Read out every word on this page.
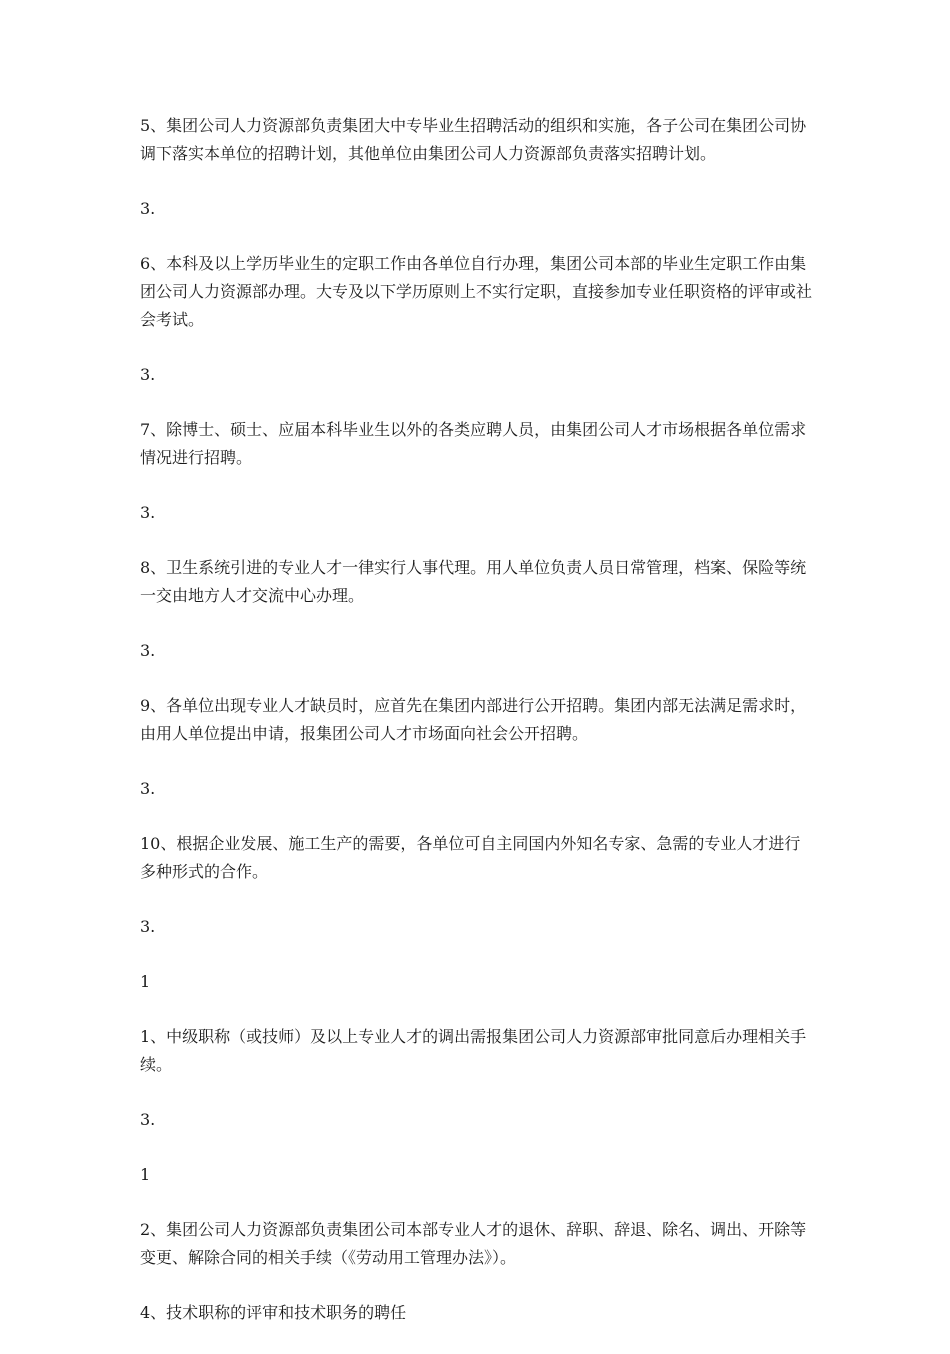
5、集团公司人力资源部负责集团大中专毕业生招聘活动的组织和实施，各子公司在集团公司协调下落实本单位的招聘计划，其他单位由集团公司人力资源部负责落实招聘计划。

3.

6、本科及以上学历毕业生的定职工作由各单位自行办理，集团公司本部的毕业生定职工作由集团公司人力资源部办理。大专及以下学历原则上不实行定职，直接参加专业任职资格的评审或社会考试。

3.

7、除博士、硕士、应届本科毕业生以外的各类应聘人员，由集团公司人才市场根据各单位需求情况进行招聘。

3.

8、卫生系统引进的专业人才一律实行人事代理。用人单位负责人员日常管理，档案、保险等统一交由地方人才交流中心办理。

3.

9、各单位出现专业人才缺员时，应首先在集团内部进行公开招聘。集团内部无法满足需求时，由用人单位提出申请，报集团公司人才市场面向社会公开招聘。

3.

10、根据企业发展、施工生产的需要，各单位可自主同国内外知名专家、急需的专业人才进行多种形式的合作。

3.

1

1、中级职称（或技师）及以上专业人才的调出需报集团公司人力资源部审批同意后办理相关手续。

3.

1

2、集团公司人力资源部负责集团公司本部专业人才的退休、辞职、辞退、除名、调出、开除等变更、解除合同的相关手续（《劳动用工管理办法》）。

4、技术职称的评审和技术职务的聘任
